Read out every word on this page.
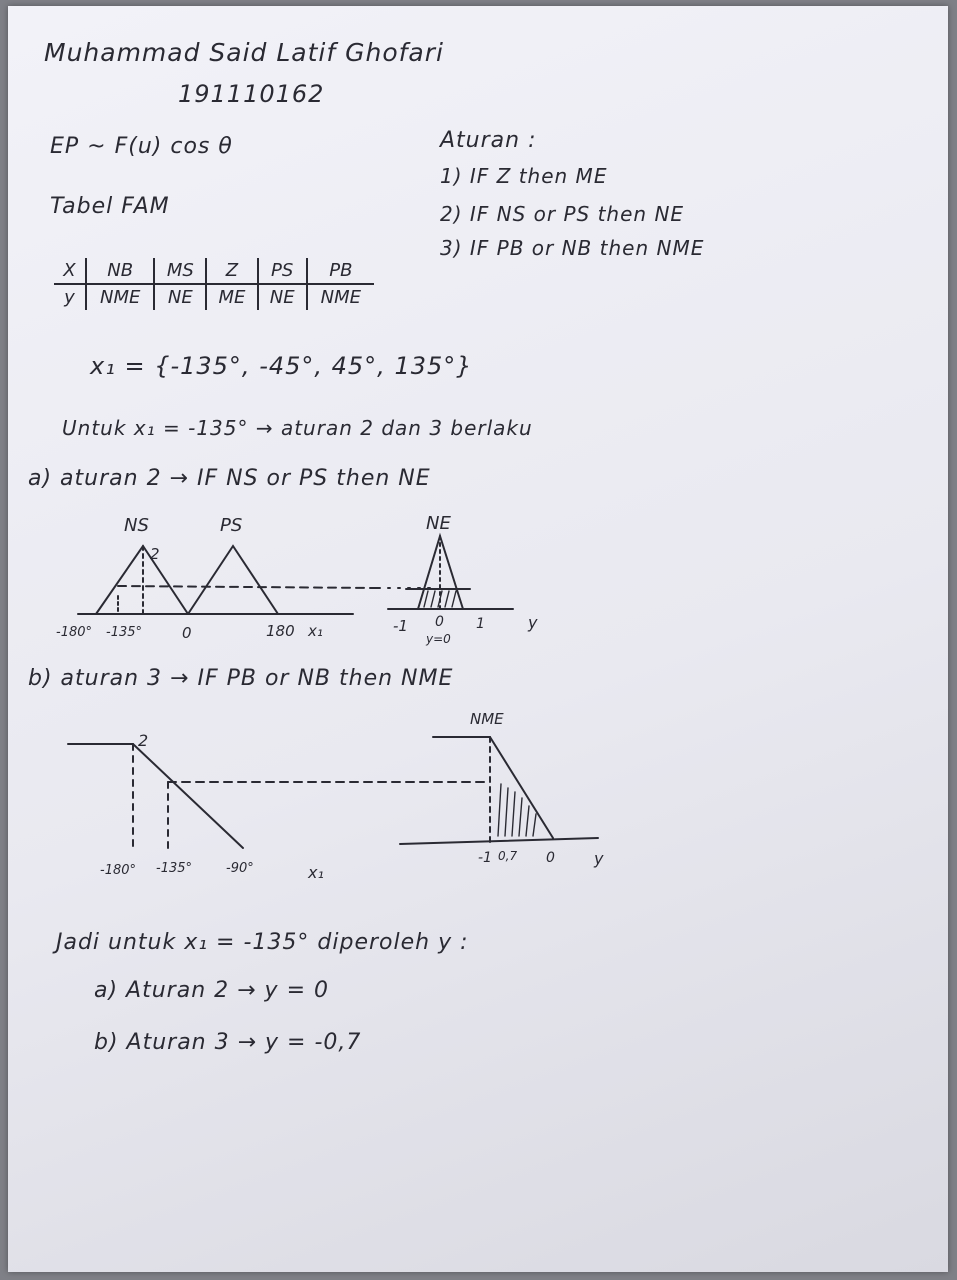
Muhammad Said Latif Ghofari
191110162
EP ~ F(u) cos θ
Tabel FAM
Aturan :
1) IF Z then ME
2) IF NS or PS then NE
3) IF PB or NB then NME
X	NB	MS	Z	PS	PB
y	NME	NE	ME	NE	NME
x₁ = {-135°, -45°, 45°, 135°}
Untuk x₁ = -135° → aturan 2 dan 3 berlaku
a) aturan 2 → IF NS or PS then NE
b) aturan 3 → IF PB or NB then NME
NS	PS	NE
2
-180° -135°	0	180 x₁	-1 0 1	y
y=0
NME
2
-180° -135°	-90°	x₁
-1 0,7 0 y
Jadi untuk x₁ = -135° diperoleh y :
a) Aturan 2 → y = 0
b) Aturan 3 → y = -0,7
